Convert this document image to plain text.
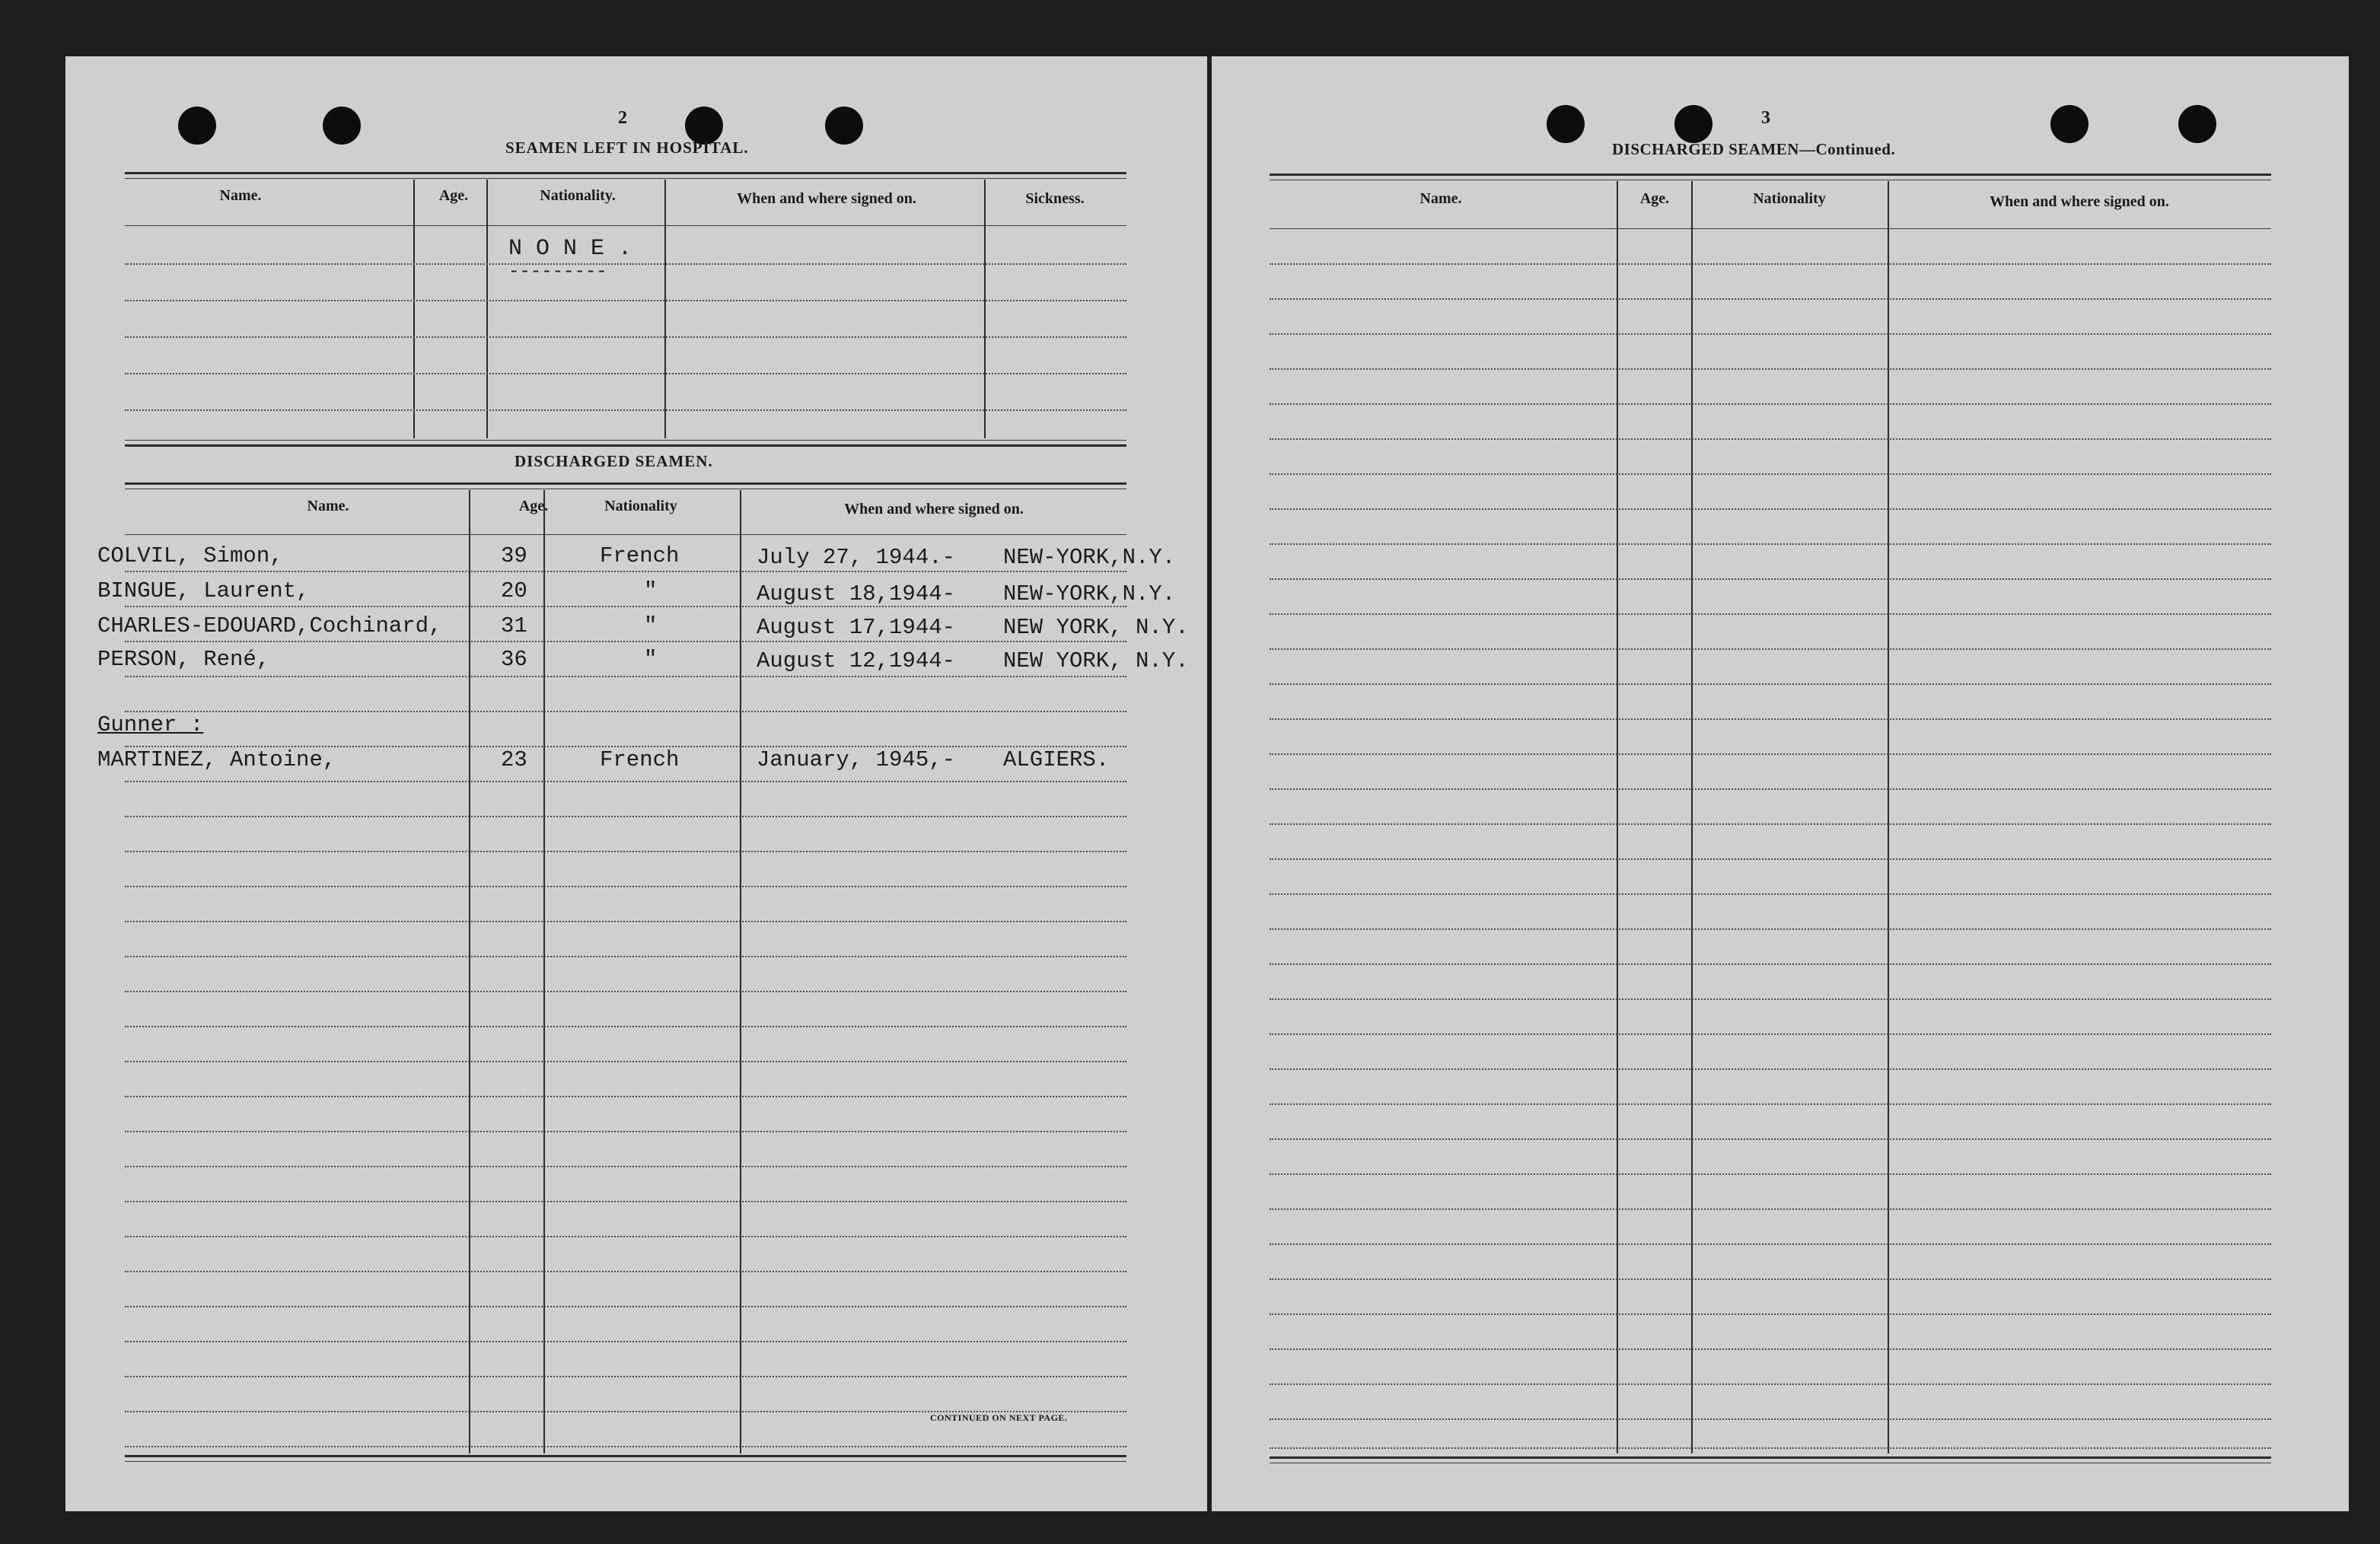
2
SEAMEN LEFT IN HOSPITAL.
Name.	Age.	Nationality.	When and where signed on.	Sickness.
N O N E .
---------
DISCHARGED SEAMEN.
Name.	Age.	Nationality	When and where signed on.
COLVIL, Simon,	39	French	July 27, 1944.- NEW-YORK,N.Y.
BINGUE, Laurent,	20	"	August 18,1944- NEW-YORK,N.Y.
CHARLES-EDOUARD,Cochinard,	31	"	August 17,1944- NEW YORK, N.Y.
PERSON, René,	36	"	August 12,1944- NEW YORK, N.Y.
Gunner :
MARTINEZ, Antoine,	23	French	January, 1945,- ALGIERS.
CONTINUED ON NEXT PAGE.
3
DISCHARGED SEAMEN—Continued.
Name.	Age.	Nationality	When and where signed on.
